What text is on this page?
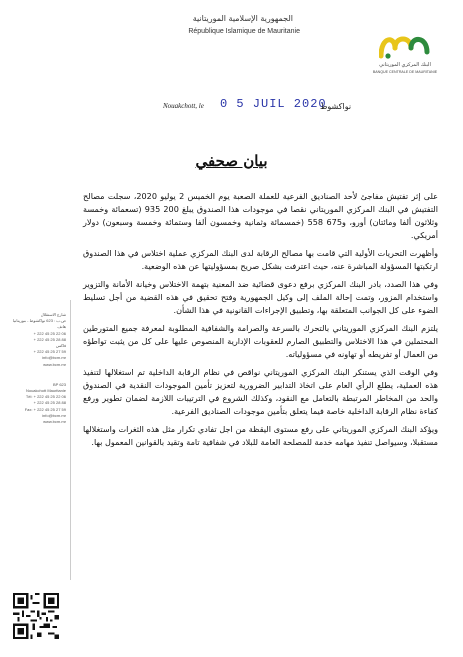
الجمهورية الإسلامية الموريتانية
République Islamique de Mauritanie
البنك المركزي الموريتاني
BANQUE CENTRALE DE MAURITANIE
Nouakchott, le 0 5 JUIL 2020
نواكشوط
بيان صحفي
شارع الاستقلال
ص.ب : 623 نواكشوط - موريتانيا
هاتف
+ 222 45 25 22 06
+ 222 45 25 28 88
فاكس
+ 222 45 25 27 59
info@bcm.mr
www.bcm.mr
BP 623
Nouakchott Mauritanie
Tél: + 222 45 25 22 06
+ 222 45 25 28 88
Fax: + 222 45 25 27 59
info@bcm.mr
www.bcm.mr

على إثر تفتيش مفاجئ لأحد الصناديق الفرعية للعملة الصعبة يوم الخميس 2 يوليو 2020، سجلت مصالح التفتيش في البنك المركزي الموريتاني نقصا في موجودات هذا الصندوق يبلغ 200 935 (تسعمائة وخمسة وثلاثون ألفا ومائتان) أورو، و675 558 (خمسمائة وثمانية وخمسون ألفا وستمائة وخمسة وسبعون) دولار أمريكي.

وأظهرت التحريات الأولية التي قامت بها مصالح الرقابة لدى البنك المركزي عملية اختلاس في هذا الصندوق ارتكبتها المسؤولة المباشرة عنه، حيث اعترفت بشكل صريح بمسؤوليتها عن هذه الوضعية.

وفي هذا الصدد، بادر البنك المركزي برفع دعوى قضائية ضد المعنية بتهمة الاختلاس وخيانة الأمانة والتزوير واستخدام المزور، وتمت إحالة الملف إلى وكيل الجمهورية وفتح تحقيق في هذه القضية من أجل تسليط الضوء على كل الجوانب المتعلقة بها، وتطبيق الإجراءات القانونية في هذا الشأن.

يلتزم البنك المركزي الموريتاني بالتحرك بالسرعة والصرامة والشفافية المطلوبة لمعرفة جميع المتورطين المحتملين في هذا الاختلاس والتطبيق الصارم للعقوبات الإدارية المنصوص عليها على كل من يثبت تواطؤه من العمال أو تفريطه أو تهاونه في مسؤولياته.

وفي الوقت الذي يستنكر البنك المركزي الموريتاني نواقص في نظام الرقابة الداخلية تم استغلالها لتنفيذ هذه العملية، يطلع الرأي العام على اتخاذ التدابير الضرورية لتعزيز تأمين الموجودات النقدية في الصندوق والحد من المخاطر المرتبطة بالتعامل مع النقود، وكذلك الشروع في الترتيبات اللازمة لضمان تطوير ورفع كفاءة نظام الرقابة الداخلية خاصة فيما يتعلق بتأمين موجودات الصناديق الفرعية.

ويؤكد البنك المركزي الموريتاني على رفع مستوى اليقظة من اجل تفادي تكرار مثل هذه الثغرات واستغلالها مستقبلا، وسيواصل تنفيذ مهامه خدمة للمصلحة العامة للبلاد في شفافية تامة وتقيد بالقوانين المعمول بها.
